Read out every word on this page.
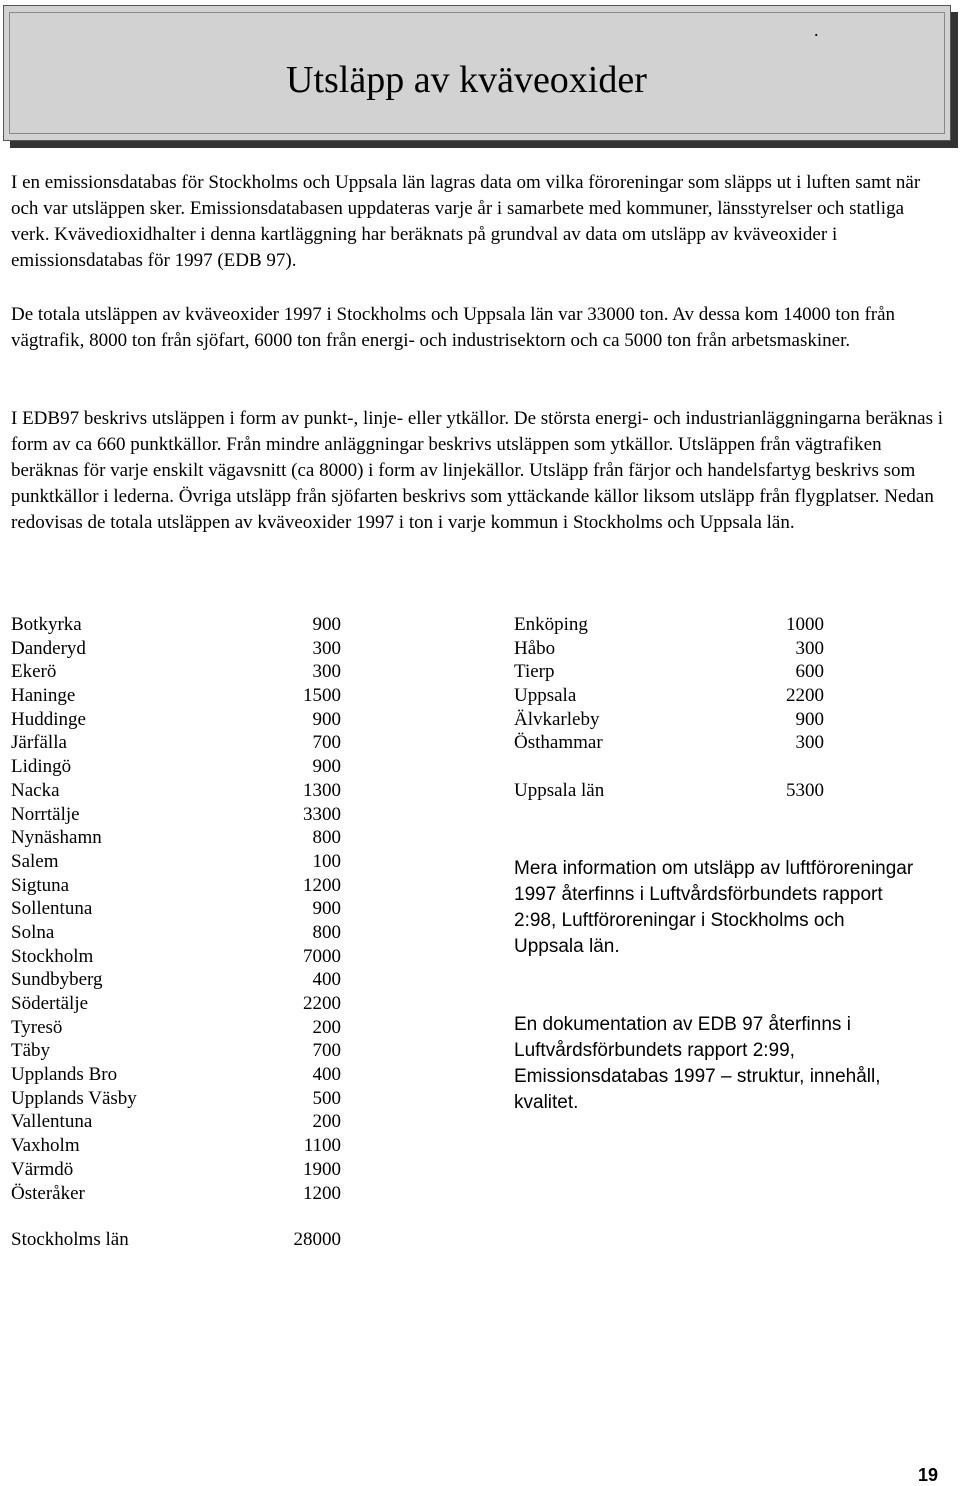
.
Utsläpp av kväveoxider

I en emissionsdatabas för Stockholms och Uppsala län lagras data om vilka föroreningar som släpps ut i luften samt när och var utsläppen sker. Emissionsdatabasen uppdateras varje år i samarbete med kommuner, länsstyrelser och statliga verk. Kvävedioxidhalter i denna kartläggning har beräknats på grundval av data om utsläpp av kväveoxider i emissionsdatabas för 1997 (EDB 97).

De totala utsläppen av kväveoxider 1997 i Stockholms och Uppsala län var 33000 ton. Av dessa kom 14000 ton från vägtrafik, 8000 ton från sjöfart, 6000 ton från energi- och industrisektorn och ca 5000 ton från arbetsmaskiner.

I EDB97 beskrivs utsläppen i form av punkt-, linje- eller ytkällor. De största energi- och industrianläggningarna beräknas i form av ca 660 punktkällor. Från mindre anläggningar beskrivs utsläppen som ytkällor. Utsläppen från vägtrafiken beräknas för varje enskilt vägavsnitt (ca 8000) i form av linjekällor. Utsläpp från färjor och handelsfartyg beskrivs som punktkällor i lederna. Övriga utsläpp från sjöfarten beskrivs som yttäckande källor liksom utsläpp från flygplatser. Nedan redovisas de totala utsläppen av kväveoxider 1997 i ton i varje kommun i Stockholms och Uppsala län.

Botkyrka	900
Danderyd	300
Ekerö	300
Haninge	1500
Huddinge	900
Järfälla	700
Lidingö	900
Nacka	1300
Norrtälje	3300
Nynäshamn	800
Salem	100
Sigtuna	1200
Sollentuna	900
Solna	800
Stockholm	7000
Sundbyberg	400
Södertälje	2200
Tyresö	200
Täby	700
Upplands Bro	400
Upplands Väsby	500
Vallentuna	200
Vaxholm	1100
Värmdö	1900
Österåker	1200
Stockholms län	28000
Enköping	1000
Håbo	300
Tierp	600
Uppsala	2200
Älvkarleby	900
Östhammar	300
Uppsala län	5300

Mera information om utsläpp av luftföroreningar 1997 återfinns i Luftvårdsförbundets rapport 2:98, Luftföroreningar i Stockholms och Uppsala län.

En dokumentation av EDB 97 återfinns i Luftvårdsförbundets rapport 2:99, Emissionsdatabas 1997 – struktur, innehåll, kvalitet.

19
